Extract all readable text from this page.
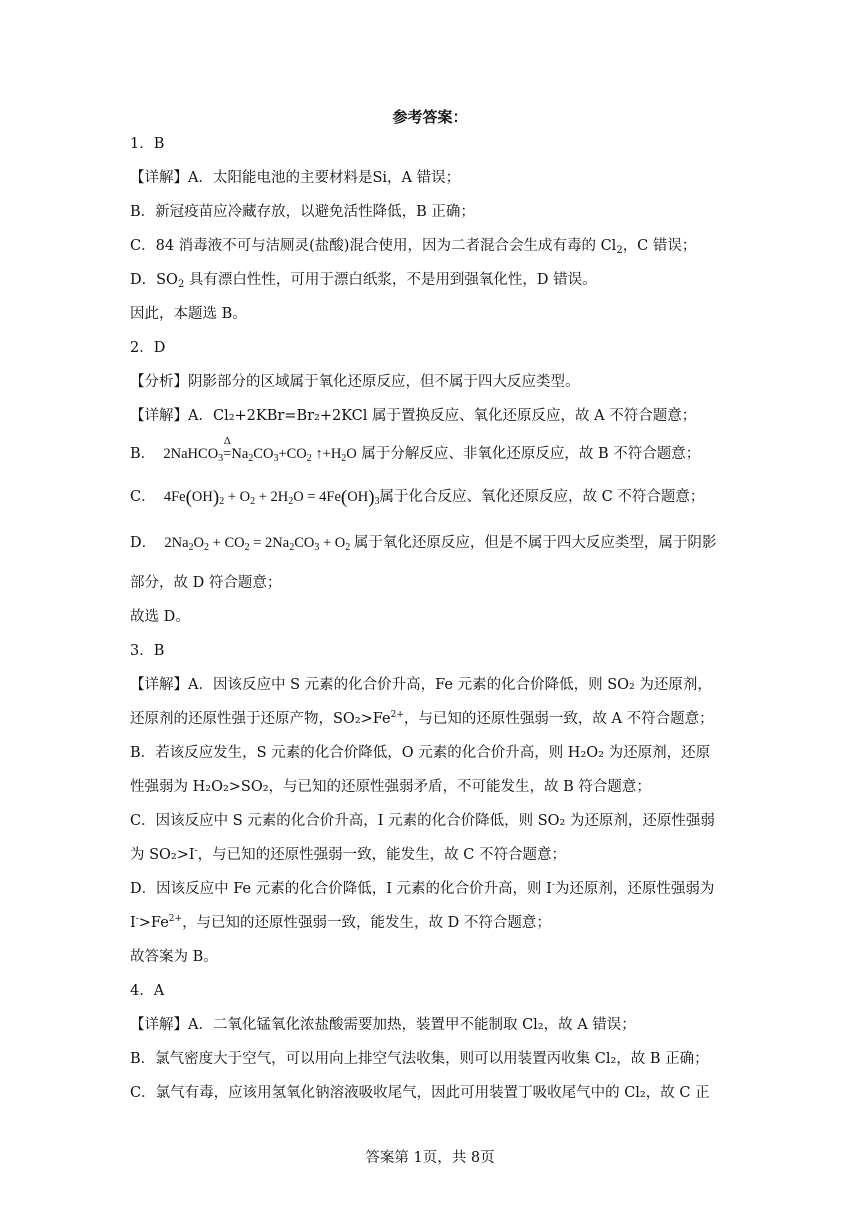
参考答案：
1．B
【详解】A．太阳能电池的主要材料是Si，A 错误；
B．新冠疫苗应冷藏存放，以避免活性降低，B 正确；
C．84 消毒液不可与洁厕灵(盐酸)混合使用，因为二者混合会生成有毒的 $Cl_2$，C 错误；
D．$SO_2$ 具有漂白性性，可用于漂白纸浆，不是用到强氧化性，D 错误。
因此，本题选 B。
2．D
【分析】阴影部分的区域属于氧化还原反应，但不属于四大反应类型。
【详解】A．Cl₂+2KBr=Br₂+2KCl 属于置换反应、氧化还原反应，故 A 不符合题意；
B．  2NaHCO$_3$=
Δ
$Na_2CO_3+CO_2$ $↑+H_2O$ 属于分解反应、非氧化还原反应，故 B 不符合题意；
C．  $4Fe(OH)_2 + O_2 + 2H_2O = 4Fe(OH)_3$属于化合反应、氧化还原反应，故 C 不符合题意；
D．  $2Na_2O_2 + CO_2 = 2Na_2CO_3 + O_2$ 属于氧化还原反应，但是不属于四大反应类型，属于阴影
部分，故 D 符合题意；
故选 D。
3．B
【详解】A．因该反应中 S 元素的化合价升高，Fe 元素的化合价降低，则 SO₂ 为还原剂，
还原剂的还原性强于还原产物，$SO_2>Fe^{2+}$，与已知的还原性强弱一致，故 A 不符合题意；
B．若该反应发生，S 元素的化合价降低，O 元素的化合价升高，则 H₂O₂ 为还原剂，还原
性强弱为 H₂O₂>SO₂，与已知的还原性强弱矛盾，不可能发生，故 B 符合题意；
C．因该反应中 S 元素的化合价升高，I 元素的化合价降低，则 SO₂ 为还原剂，还原性强弱
为 SO₂>I-，与已知的还原性强弱一致，能发生，故 C 不符合题意；
D．因该反应中 Fe 元素的化合价降低，I 元素的化合价升高，则 I-为还原剂，还原性强弱为
$I^->Fe^{2+}$，与已知的还原性强弱一致，能发生，故 D 不符合题意；
故答案为 B。
4．A
【详解】A．二氧化锰氧化浓盐酸需要加热，装置甲不能制取 Cl₂，故 A 错误；
B．氯气密度大于空气，可以用向上排空气法收集，则可以用装置丙收集 Cl₂，故 B 正确；
C．氯气有毒，应该用氢氧化钠溶液吸收尾气，因此可用装置丁吸收尾气中的 Cl₂，故 C 正
答案第 1页，共 8页
